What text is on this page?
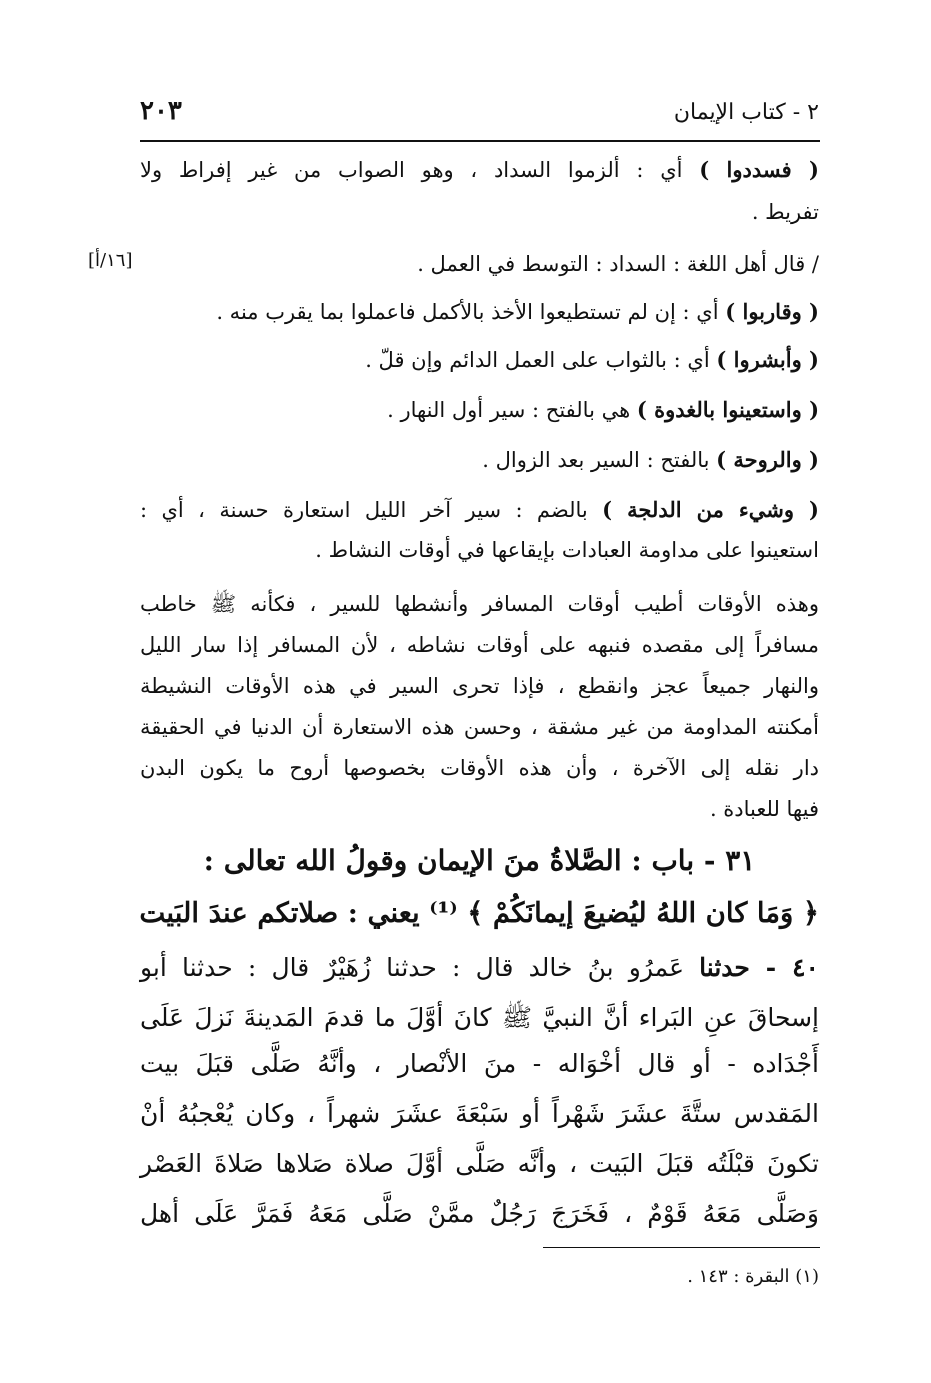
٢ - كتاب الإيمان
٢٠٣
[١٦/أ]
( فسددوا ) أي : ألزموا السداد ، وهو الصواب من غير إفراط ولا
تفريط .
/ قال أهل اللغة : السداد : التوسط في العمل .
( وقاربوا ) أي : إن لم تستطيعوا الأخذ بالأكمل فاعملوا بما يقرب منه .
( وأبشروا ) أي : بالثواب على العمل الدائم وإن قلّ .
( واستعينوا بالغدوة ) هي بالفتح : سير أول النهار .
( والروحة ) بالفتح : السير بعد الزوال .
( وشيء من الدلجة ) بالضم : سير آخر الليل استعارة حسنة ، أي :
استعينوا على مداومة العبادات بإيقاعها في أوقات النشاط .
وهذه الأوقات أطيب أوقات المسافر وأنشطها للسير ، فكأنه ﷺ خاطب
مسافراً إلى مقصده فنبهه على أوقات نشاطه ، لأن المسافر إذا سار الليل
والنهار جميعاً عجز وانقطع ، فإذا تحرى السير في هذه الأوقات النشيطة
أمكنته المداومة من غير مشقة ، وحسن هذه الاستعارة أن الدنيا في الحقيقة
دار نقله إلى الآخرة ، وأن هذه الأوقات بخصوصها أروح ما يكون البدن
فيها للعبادة .
٣١ - باب : الصَّلاةُ منَ الإيمان وقولُ الله تعالى :
﴿ وَمَا كان اللهُ ليُضيعَ إيمانَكُمْ ﴾ ⁽¹⁾ يعني : صلاتكم عندَ البَيت
٤٠ - حدثنا عَمرُو بنُ خالد قال : حدثنا زُهَيْرٌ قال : حدثنا أبو
إسحاقَ عنِ البَراء أنَّ النبيَّ ﷺ كانَ أوَّلَ ما قدمَ المَدينةَ نَزلَ عَلَى
أَجْدَاده - أو قال أخْوَاله - منَ الأنْصار ، وأنَّهُ صَلَّى قبَلَ بيت
المَقدس ستَّةَ عشَرَ شَهْراً أو سَبْعَةَ عشَرَ شهراً ، وكان يُعْجبُهُ أنْ
تكونَ قبْلَتُه قبَلَ البَيت ، وأنَّه صَلَّى أوَّلَ صلاة صَلاها صَلاةَ العَصْر
وَصَلَّى مَعَهُ قَوْمٌ ، فَخَرَجَ رَجُلٌ ممَّنْ صَلَّى مَعَهُ فَمَرَّ عَلَى أهل
(١) البقرة : ١٤٣ .
